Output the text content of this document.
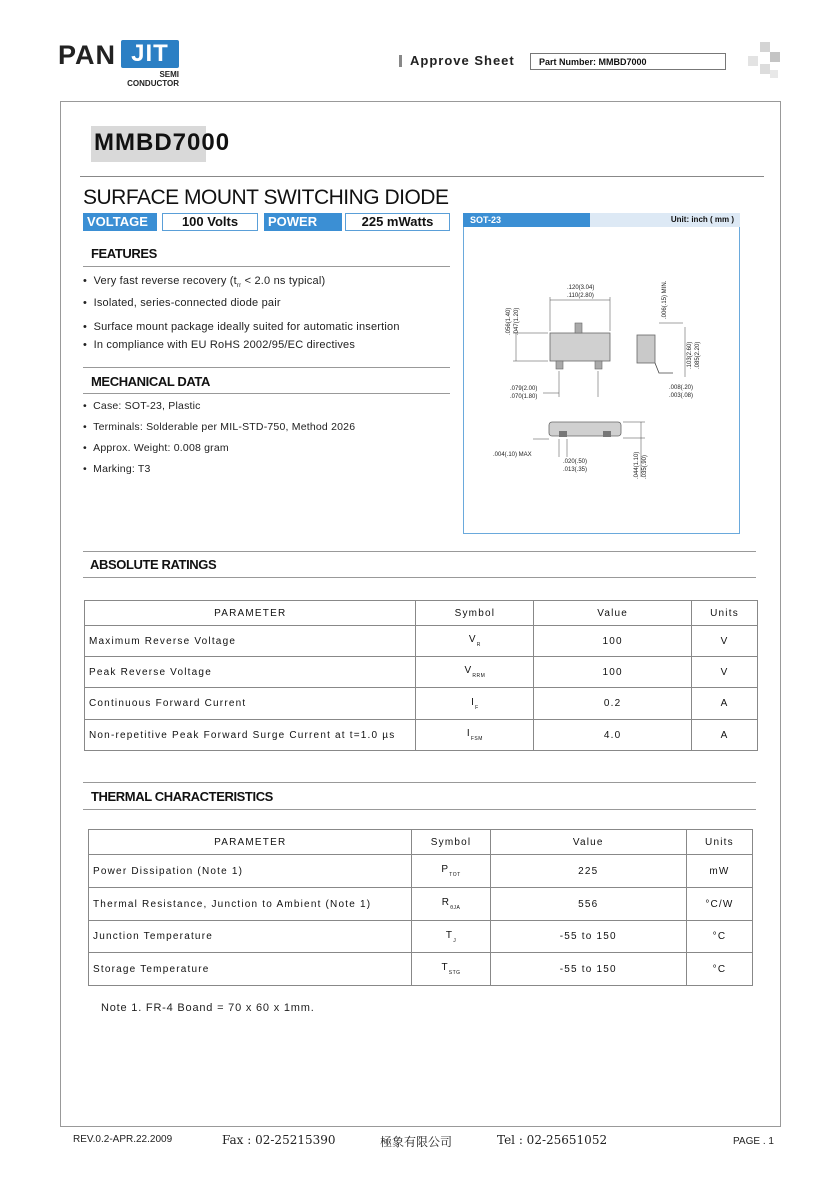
PAN JIT
SEMI
CONDUCTOR
Approve Sheet	Part Number: MMBD7000
MMBD7000
SURFACE MOUNT SWITCHING DIODE
VOLTAGE	100 Volts	POWER	225 mWatts
FEATURES
•  Very fast reverse recovery ($t_{rr} < 2.0$ ns typical)
•  Isolated, series-connected diode pair
•  Surface mount package ideally suited for automatic insertion
•  In compliance with EU RoHS 2002/95/EC directives
MECHANICAL DATA
•  Case: SOT-23, Plastic
•  Terminals: Solderable per MIL-STD-750, Method 2026
•  Approx. Weight: 0.008 gram
•  Marking: T3
SOT-23	Unit: inch ( mm )
.120(3.04)
.110(2.80)
.056(1.40) .047(1.20)
.079(2.00)
.070(1.80)
.006(.15) MIN.
.103(2.60) .085(2.20)
.008(.20)
.003(.08)
.004(.10) MAX
.020(.50)
.013(.35)	.044(1.10) .035(.90)
ABSOLUTE RATINGS
PARAMETER	Symbol	Value	Units
Maximum Reverse Voltage	$V_R$	100	V
Peak Reverse Voltage	$V_{RRM}$	100	V
Continuous Forward Current	$I_F$	0.2	A
Non-repetitive Peak Forward Surge Current at t=1.0 µs	$I_{FSM}$	4.0	A
THERMAL CHARACTERISTICS
PARAMETER	Symbol	Value	Units
Power Dissipation (Note 1)	$P_{TOT}$	225	mW
Thermal Resistance, Junction to Ambient (Note 1)	$R_{\theta JA}$	556	°C/W
Junction Temperature	$T_J$	-55 to 150	°C
Storage Temperature	$T_{STG}$	-55 to 150	°C
Note 1. FR-4 Boand = 70 x 60 x 1mm.
REV.0.2-APR.22.2009	Fax : 02-25215390	極象有限公司	Tel : 02-25651052	PAGE . 1
